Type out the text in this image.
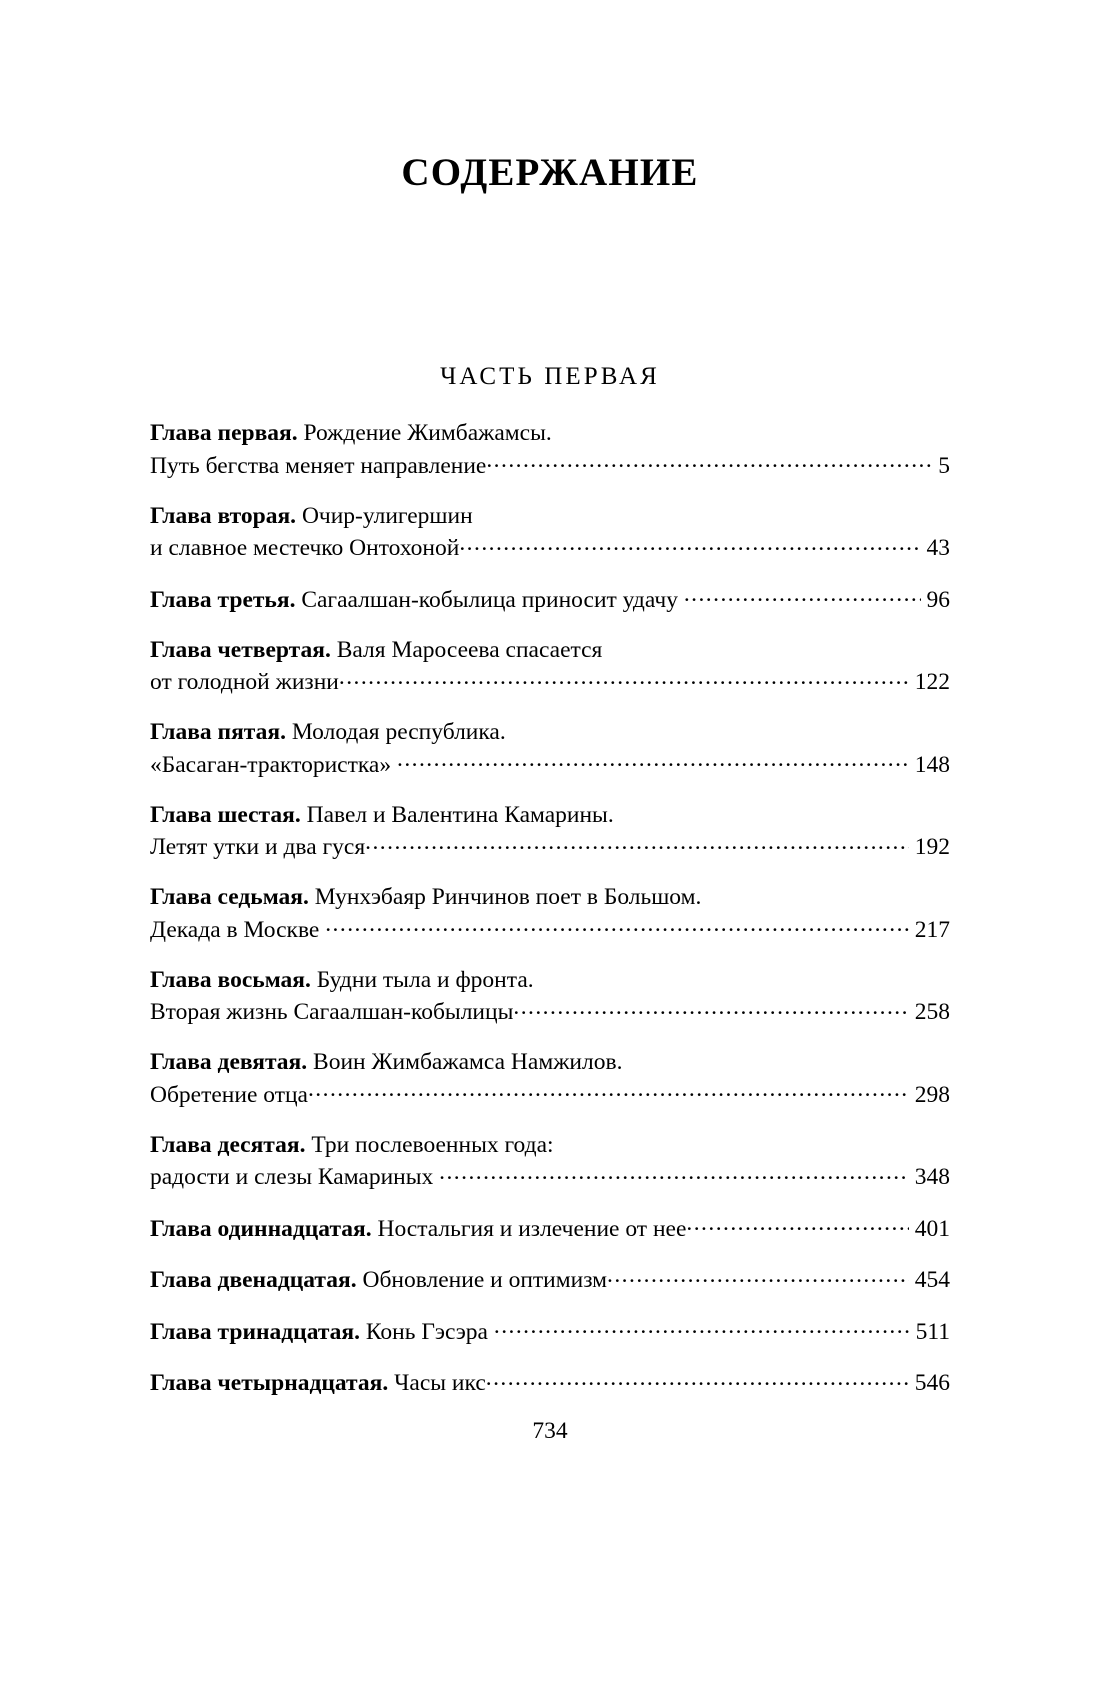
СОДЕРЖАНИЕ
ЧАСТЬ ПЕРВАЯ
Глава первая. Рождение Жимбажамсы.
Путь бегства меняет направление .....	5
Глава вторая. Очир-улигершин
и славное местечко Онтохоной .....	43
Глава третья. Сагаалшан-кобылица приносит удачу .....	96
Глава четвертая. Валя Маросеева спасается
от голодной жизни .....	122
Глава пятая. Молодая республика.
«Басаган-трактористка» .....	148
Глава шестая. Павел и Валентина Камарины.
Летят утки и два гуся .....	192
Глава седьмая. Мунхэбаяр Ринчинов поет в Большом.
Декада в Москве .....	217
Глава восьмая. Будни тыла и фронта.
Вторая жизнь Сагаалшан-кобылицы .....	258
Глава девятая. Воин Жимбажамса Намжилов.
Обретение отца .....	298
Глава десятая. Три послевоенных года:
радости и слезы Камариных .....	348
Глава одиннадцатая. Ностальгия и излечение от нее .....	401
Глава двенадцатая. Обновление и оптимизм .....	454
Глава тринадцатая. Конь Гэсэра .....	511
Глава четырнадцатая. Часы икс .....	546
734
